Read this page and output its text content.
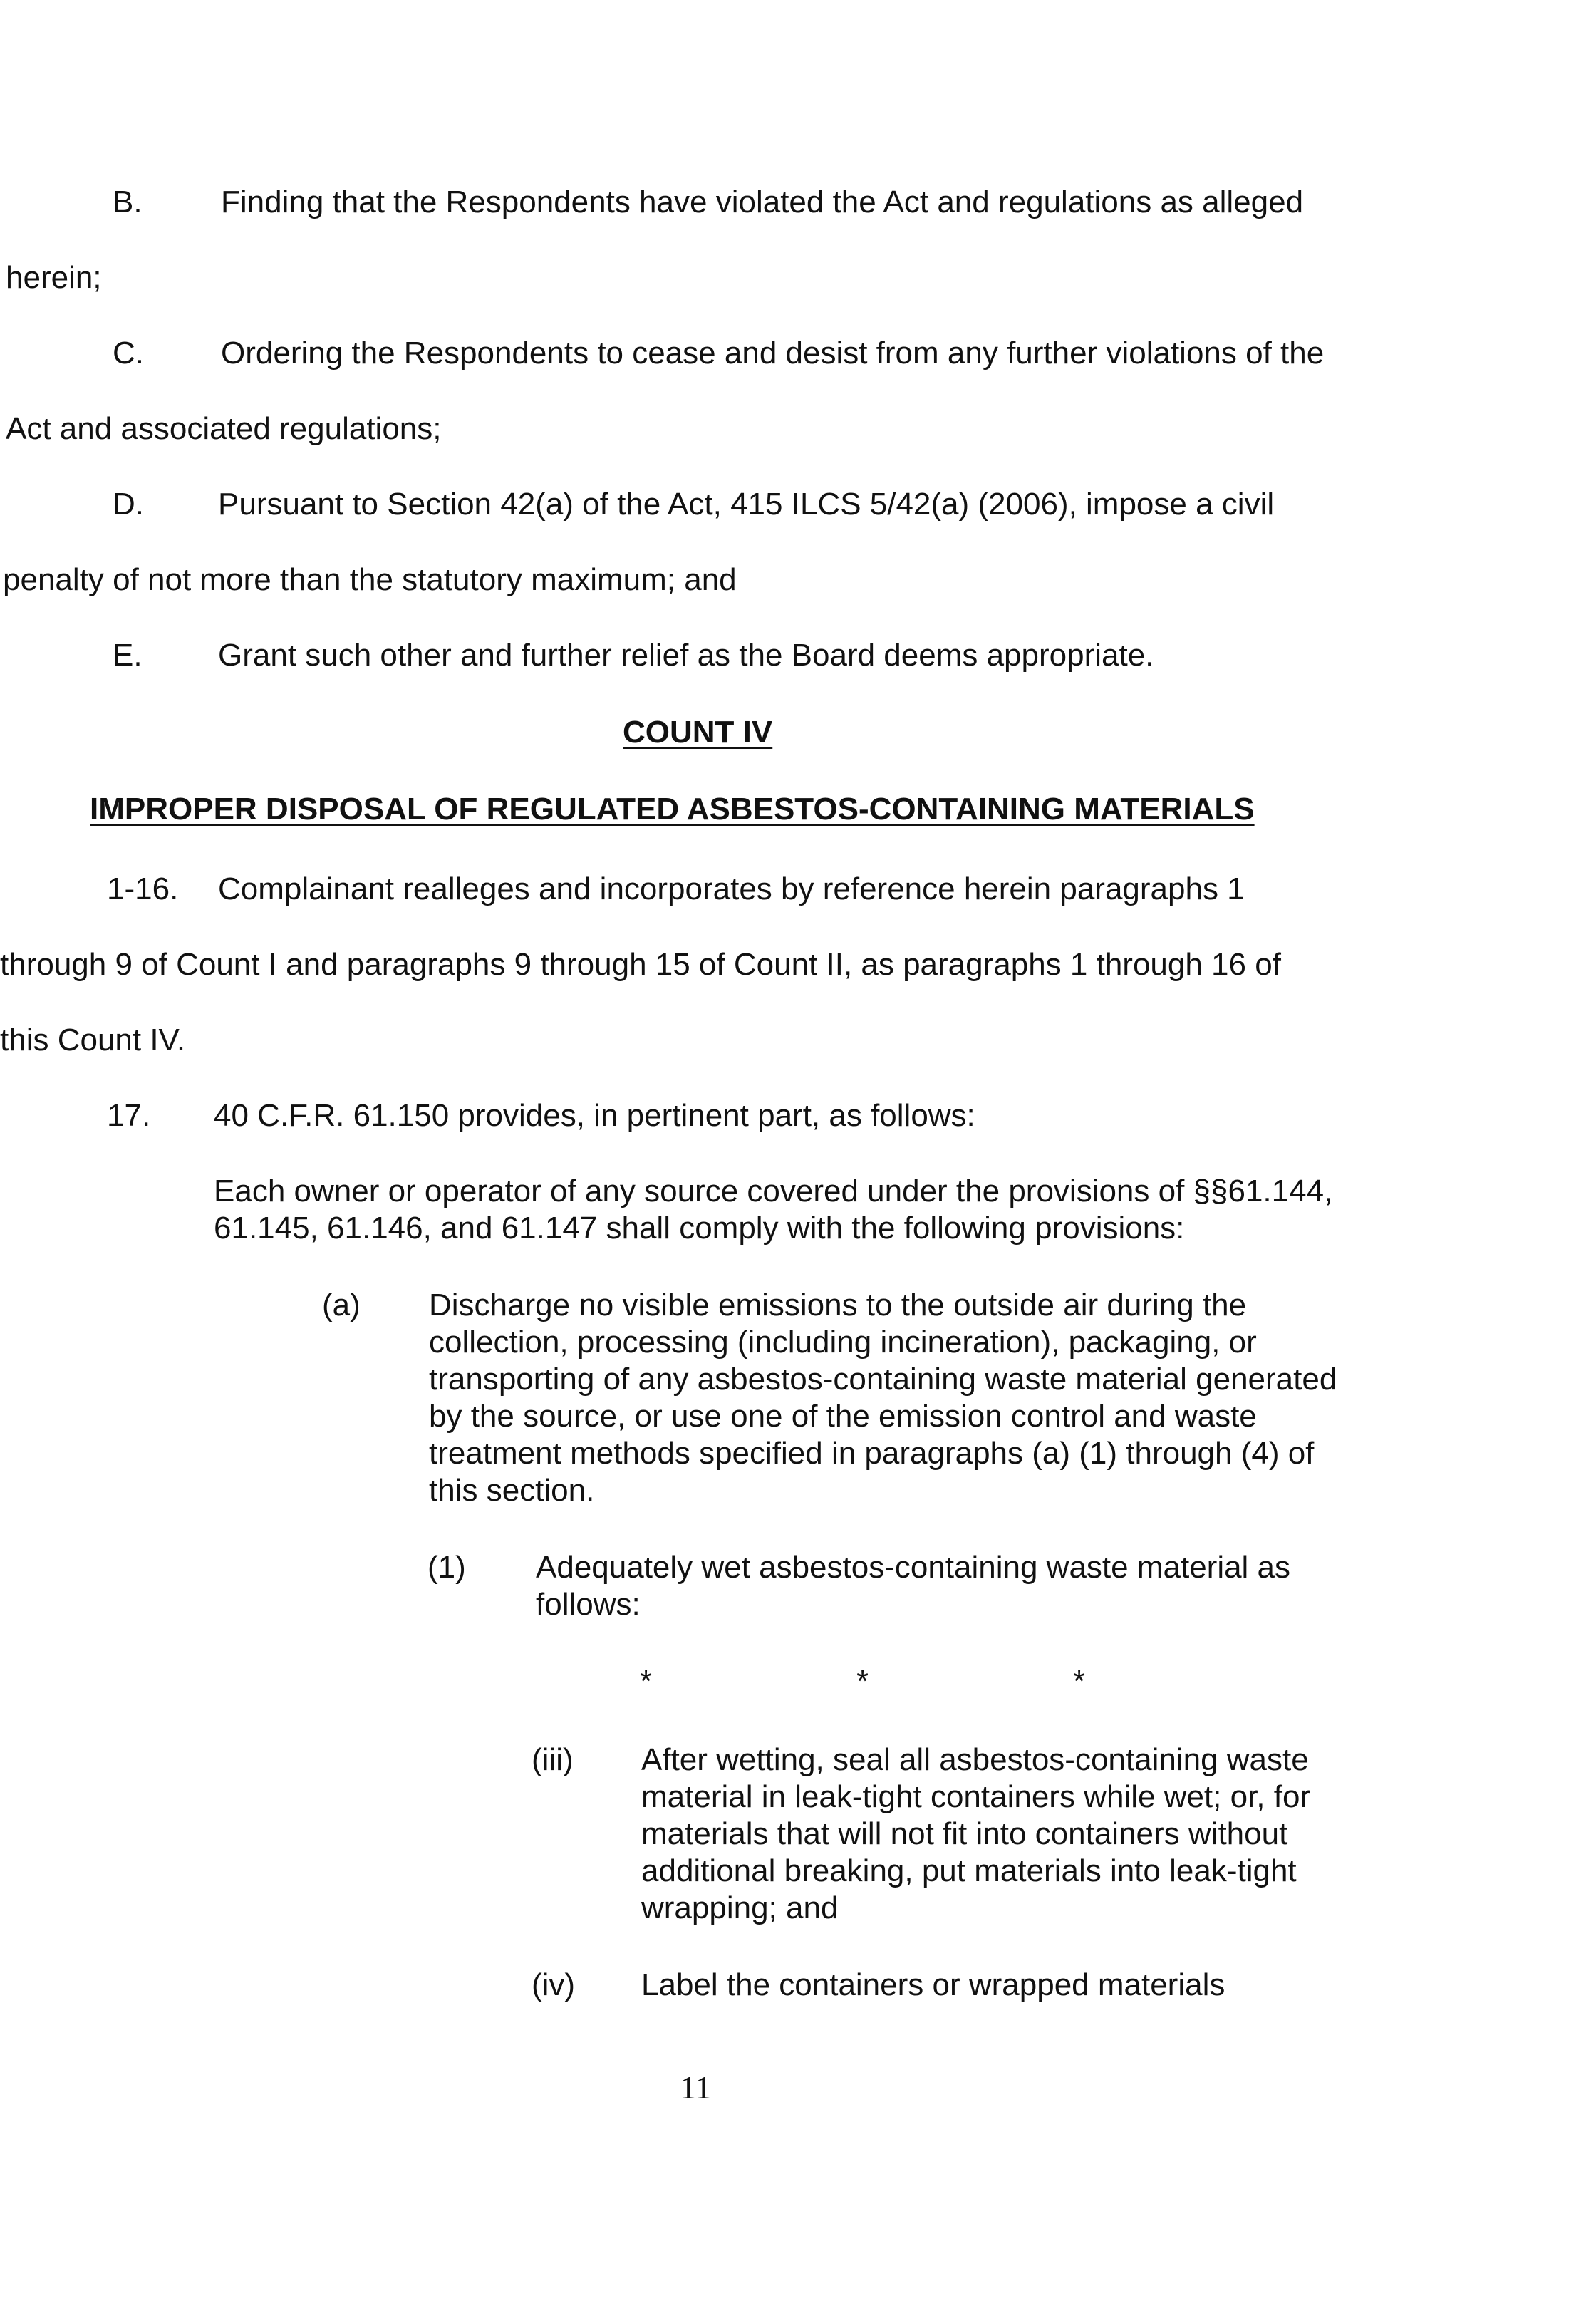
B.	Finding that the Respondents have violated the Act and regulations as alleged
herein;
C. Ordering the Respondents to cease and desist from any further violations of the
Act and associated regulations;
D. Pursuant to Section 42(a) of the Act, 415 ILCS 5/42(a) (2006), impose a civil
penalty of not more than the statutory maximum; and
E. Grant such other and further relief as the Board deems appropriate.
COUNT IV
IMPROPER DISPOSAL OF REGULATED ASBESTOS-CONTAINING MATERIALS
1-16. Complainant realleges and incorporates by reference herein paragraphs 1
through 9 of Count I and paragraphs 9 through 15 of Count II, as paragraphs 1 through 16 of
this Count IV.
17. 40 C.F.R. 61.150 provides, in pertinent part, as follows:
Each owner or operator of any source covered under the provisions of §§61.144,
61.145, 61.146, and 61.147 shall comply with the following provisions:
(a) Discharge no visible emissions to the outside air during the
collection, processing (including incineration), packaging, or
transporting of any asbestos-containing waste material generated
by the source, or use one of the emission control and waste
treatment methods specified in paragraphs (a) (1) through (4) of
this section.
(1) Adequately wet asbestos-containing waste material as
follows:
*	*	*
(iii) After wetting, seal all asbestos-containing waste
material in leak-tight containers while wet; or, for
materials that will not fit into containers without
additional breaking, put materials into leak-tight
wrapping; and
(iv) Label the containers or wrapped materials
11
